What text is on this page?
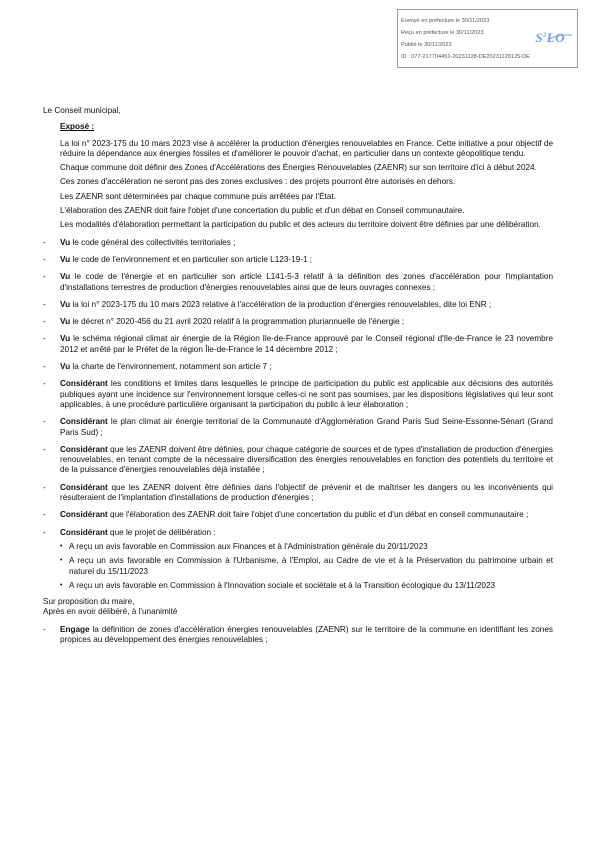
Envoyé en préfecture le 30/11/2023
Reçu en préfecture le 30/11/2023
Publié le 30/11/2023
ID : 077-217704451-20231128-DE20231128125-DE
$S^2LO$

Le Conseil municipal,

Exposé :

La loi n° 2023-175 du 10 mars 2023 vise à accélérer la production d'énergies renouvelables en France. Cette initiative a pour objectif de réduire la dépendance aux énergies fossiles et d'améliorer le pouvoir d'achat, en particulier dans un contexte géopolitique tendu.

Chaque commune doit définir des Zones d'Accélérations des Énergies Renouvelables (ZAENR) sur son territoire d'ici à début 2024.

Ces zones d'accélération ne seront pas des zones exclusives : des projets pourront être autorisés en dehors.

Les ZAENR sont déterminées par chaque commune puis arrêtées par l'État.

L'élaboration des ZAENR doit faire l'objet d'une concertation du public et d'un débat en Conseil communautaire.

Les modalités d'élaboration permettant la participation du public et des acteurs du territoire doivent être définies par une délibération.

-	Vu le code général des collectivités territoriales ;
-	Vu le code de l'environnement et en particulier son article L123-19-1 ;
-	Vu le code de l'énergie et en particulier son article L141-5-3 relatif à la définition des zones d'accélération pour l'implantation d'installations terrestres de production d'énergies renouvelables ainsi que de leurs ouvrages connexes ;
-	Vu la loi n° 2023-175 du 10 mars 2023 relative à l'accélération de la production d'énergies renouvelables, dite loi ENR ;
-	Vu le décret n° 2020-456 du 21 avril 2020 relatif à la programmation pluriannuelle de l'énergie ;
-	Vu le schéma régional climat air énergie de la Région Ile-de-France approuvé par le Conseil régional d'Ile-de-France le 23 novembre 2012 et arrêté par le Préfet de la région Île-de-France le 14 décembre 2012 ;
-	Vu la charte de l'environnement, notamment son article 7 ;
-	Considérant les conditions et limites dans lesquelles le principe de participation du public est applicable aux décisions des autorités publiques ayant une incidence sur l'environnement lorsque celles-ci ne sont pas soumises, par les dispositions législatives qui leur sont applicables, à une procédure particulière organisant la participation du public à leur élaboration ;
-	Considérant le plan climat air énergie territorial de la Communauté d'Agglomération Grand Paris Sud Seine-Essonne-Sénart (Grand Paris Sud) ;
-	Considérant que les ZAENR doivent être définies, pour chaque catégorie de sources et de types d'installation de production d'énergies renouvelables, en tenant compte de la nécessaire diversification des énergies renouvelables en fonction des potentiels du territoire et de la puissance d'énergies renouvelables déjà installée ;
-	Considérant que les ZAENR doivent être définies dans l'objectif de prévenir et de maîtriser les dangers ou les inconvénients qui résulteraient de l'implantation d'installations de production d'énergies ;
-	Considérant que l'élaboration des ZAENR doit faire l'objet d'une concertation du public et d'un débat en conseil communautaire ;
-	Considérant que le projet de délibération :
• A reçu un avis favorable en Commission aux Finances et à l'Administration générale du 20/11/2023
• A reçu un avis favorable en Commission à l'Urbanisme, à l'Emploi, au Cadre de vie et à la Préservation du patrimoine urbain et naturel du 15/11/2023
• A reçu un avis favorable en Commission à l'Innovation sociale et sociétale et à la Transition écologique du 13/11/2023

Sur proposition du maire,

Après en avoir délibéré, à l'unanimité

-	Engage la définition de zones d'accélération énergies renouvelables (ZAENR) sur le territoire de la commune en identifiant les zones propices au développement des énergies renouvelables ;
